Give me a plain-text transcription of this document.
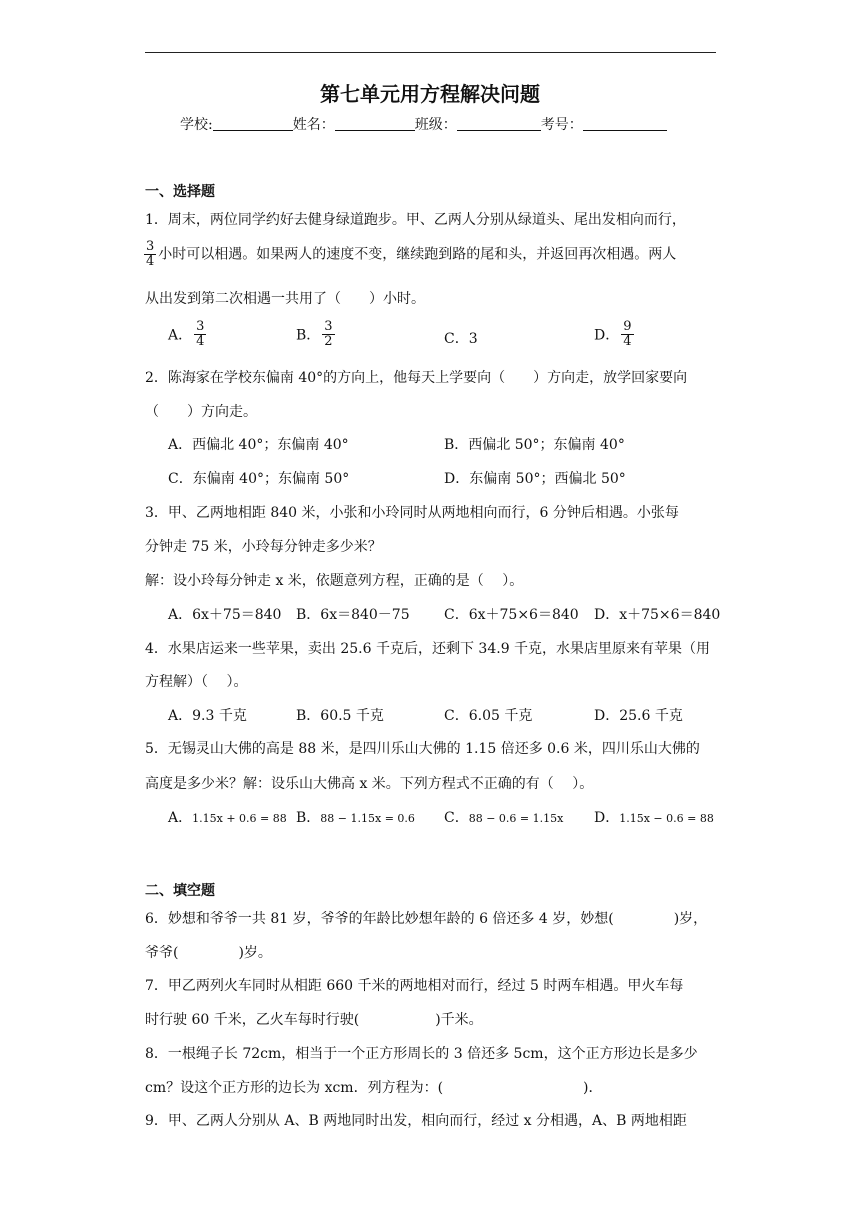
第七单元用方程解决问题
学校:	姓名：	班级：	考号：
一、选择题
1．周末，两位同学约好去健身绿道跑步。甲、乙两人分别从绿道头、尾出发相向而行，
$\frac{3}{4}$ 小时可以相遇。如果两人的速度不变，继续跑到路的尾和头，并返回再次相遇。两人
从出发到第二次相遇一共用了（　　）小时。
A． $\frac{3}{4}$	B． $\frac{3}{2}$	C．3	D． $\frac{9}{4}$
2．陈海家在学校东偏南 40°的方向上，他每天上学要向（　　）方向走，放学回家要向
（　　）方向走。
A．西偏北 40°；东偏南 40°	B．西偏北 50°；东偏南 40°
C．东偏南 40°；东偏南 50°	D．东偏南 50°；西偏北 50°
3．甲、乙两地相距 840 米，小张和小玲同时从两地相向而行，6 分钟后相遇。小张每
分钟走 75 米，小玲每分钟走多少米？
解：设小玲每分钟走 x 米，依题意列方程，正确的是（　 ）。
A．6x＋75＝840 B．6x＝840－75 C．6x＋75×6＝840 D．x＋75×6＝840
4．水果店运来一些苹果，卖出 25.6 千克后，还剩下 34.9 千克，水果店里原来有苹果（用
方程解）（　 ）。
A．9.3 千克	B．60.5 千克	C．6.05 千克	D．25.6 千克
5．无锡灵山大佛的高是 88 米，是四川乐山大佛的 1.15 倍还多 0.6 米，四川乐山大佛的
高度是多少米？解：设乐山大佛高 x 米。下列方程式不正确的有（　 ）。
A．1.15x + 0.6 = 88 B．88 − 1.15x = 0.6 C．88 − 0.6 = 1.15x D．1.15x − 0.6 = 88
二、填空题
6．妙想和爷爷一共 81 岁，爷爷的年龄比妙想年龄的 6 倍还多 4 岁，妙想(	)岁，
爷爷(	)岁。
7．甲乙两列火车同时从相距 660 千米的两地相对而行，经过 5 时两车相遇。甲火车每
时行驶 60 千米，乙火车每时行驶(	)千米。
8．一根绳子长 72cm，相当于一个正方形周长的 3 倍还多 5cm，这个正方形边长是多少
cm？设这个正方形的边长为 xcm．列方程为：(	)．
9．甲、乙两人分别从 A、B 两地同时出发，相向而行，经过 x 分相遇，A、B 两地相距
